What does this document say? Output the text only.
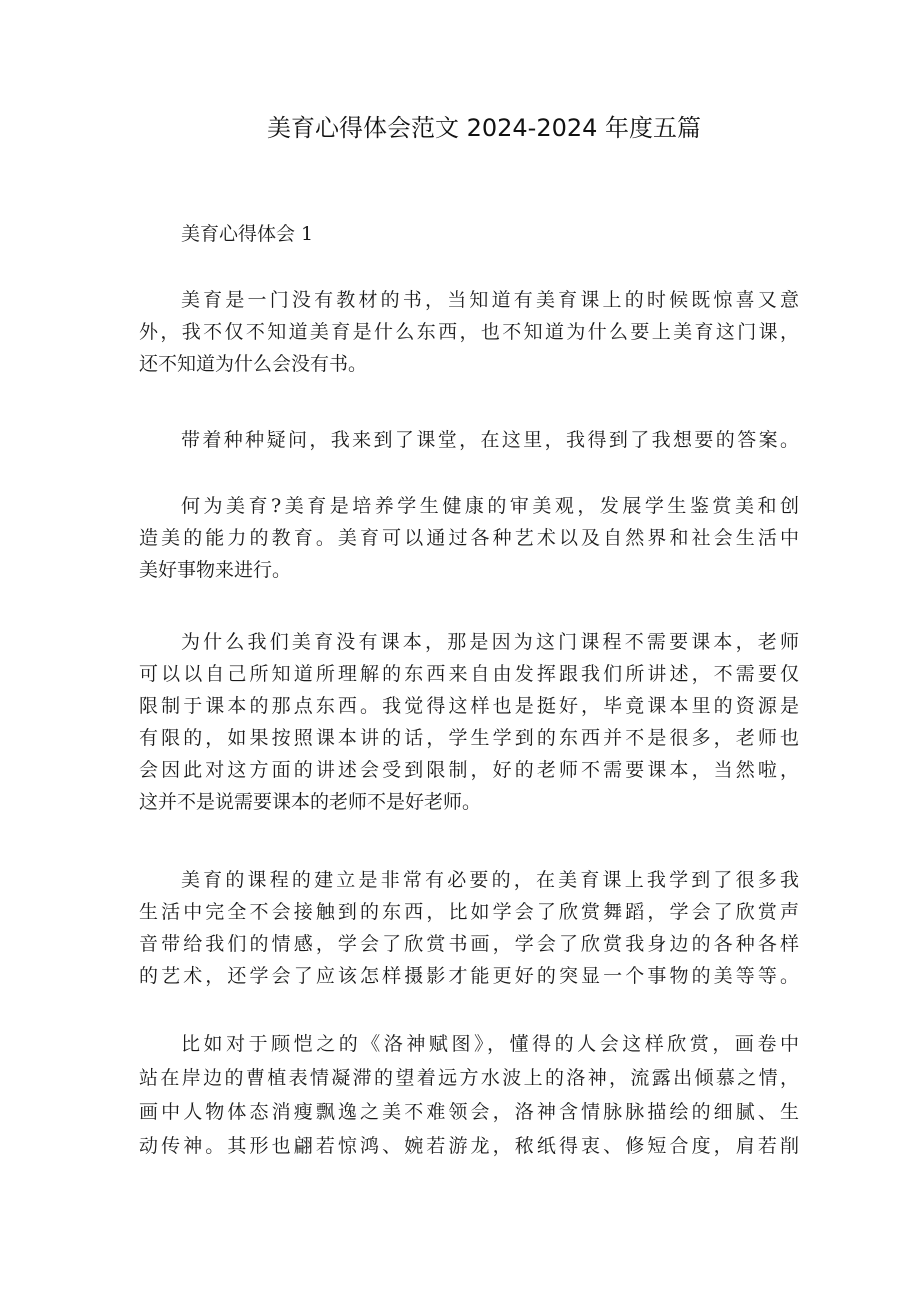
美育心得体会范文 2024-2024 年度五篇
美育心得体会 1
美育是一门没有教材的书，当知道有美育课上的时候既惊喜又意
外，我不仅不知道美育是什么东西，也不知道为什么要上美育这门课，
还不知道为什么会没有书。
带着种种疑问，我来到了课堂，在这里，我得到了我想要的答案。
何为美育?美育是培养学生健康的审美观，发展学生鉴赏美和创
造美的能力的教育。美育可以通过各种艺术以及自然界和社会生活中
美好事物来进行。
为什么我们美育没有课本，那是因为这门课程不需要课本，老师
可以以自己所知道所理解的东西来自由发挥跟我们所讲述，不需要仅
限制于课本的那点东西。我觉得这样也是挺好，毕竟课本里的资源是
有限的，如果按照课本讲的话，学生学到的东西并不是很多，老师也
会因此对这方面的讲述会受到限制，好的老师不需要课本，当然啦，
这并不是说需要课本的老师不是好老师。
美育的课程的建立是非常有必要的，在美育课上我学到了很多我
生活中完全不会接触到的东西，比如学会了欣赏舞蹈，学会了欣赏声
音带给我们的情感，学会了欣赏书画，学会了欣赏我身边的各种各样
的艺术，还学会了应该怎样摄影才能更好的突显一个事物的美等等。
比如对于顾恺之的《洛神赋图》，懂得的人会这样欣赏，画卷中
站在岸边的曹植表情凝滞的望着远方水波上的洛神，流露出倾慕之情，
画中人物体态消瘦飘逸之美不难领会，洛神含情脉脉描绘的细腻、生
动传神。其形也翩若惊鸿、婉若游龙，秾纸得衷、修短合度，肩若削
